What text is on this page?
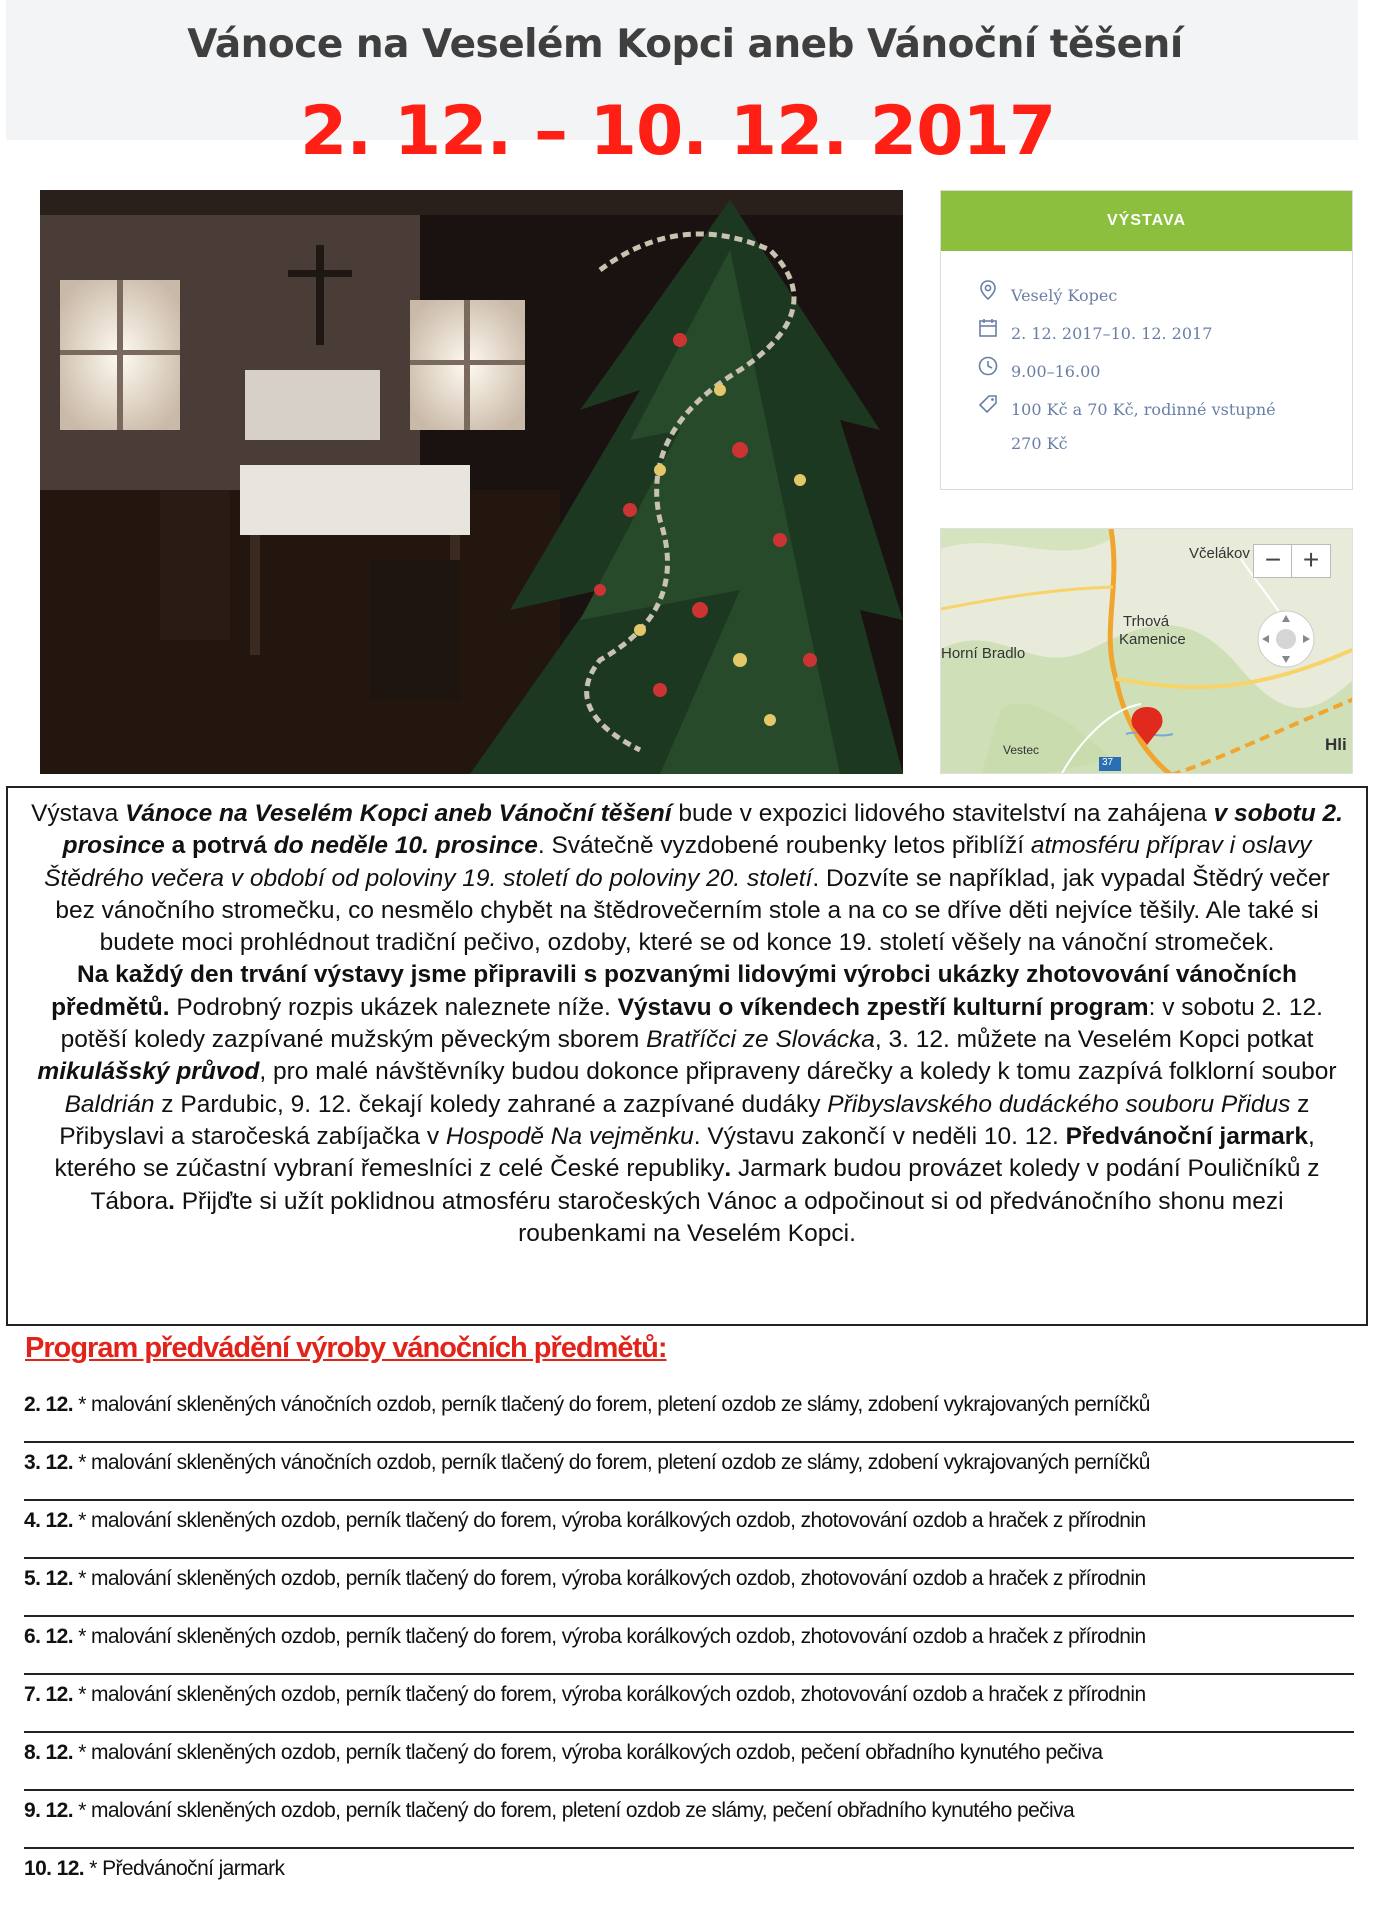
Vánoce na Veselém Kopci aneb Vánoční těšení
2. 12. – 10. 12. 2017
VÝSTAVA
Veselý Kopec
2. 12. 2017–10. 12. 2017
9.00–16.00
100 Kč a 70 Kč, rodinné vstupné
270 Kč
Včelákov
Trhová
Kamenice
Horní Bradlo
Vestec	Hli
37
− +

Výstava Vánoce na Veselém Kopci aneb Vánoční těšení bude v expozici lidového stavitelství na zahájena v sobotu 2. prosince a potrvá do neděle 10. prosince. Svátečně vyzdobené roubenky letos přiblíží atmosféru příprav i oslavy Štědrého večera v období od poloviny 19. století do poloviny 20. století. Dozvíte se například, jak vypadal Štědrý večer bez vánočního stromečku, co nesmělo chybět na štědrovečerním stole a na co se dříve děti nejvíce těšily. Ale také si budete moci prohlédnout tradiční pečivo, ozdoby, které se od konce 19. století věšely na vánoční stromeček.

Na každý den trvání výstavy jsme připravili s pozvanými lidovými výrobci ukázky zhotovování vánočních předmětů. Podrobný rozpis ukázek naleznete níže. Výstavu o víkendech zpestří kulturní program: v sobotu 2. 12. potěší koledy zazpívané mužským pěveckým sborem Bratříčci ze Slovácka, 3. 12. můžete na Veselém Kopci potkat mikulášský průvod, pro malé návštěvníky budou dokonce připraveny dárečky a koledy k tomu zazpívá folklorní soubor Baldrián z Pardubic, 9. 12. čekají koledy zahrané a zazpívané dudáky Přibyslavského dudáckého souboru Přidus z Přibyslavi a staročeská zabíjačka v Hospodě Na vejměnku. Výstavu zakončí v neděli 10. 12. Předvánoční jarmark, kterého se zúčastní vybraní řemeslníci z celé České republiky. Jarmark budou provázet koledy v podání Pouličníků z Tábora. Přijďte si užít poklidnou atmosféru staročeských Vánoc a odpočinout si od předvánočního shonu mezi roubenkami na Veselém Kopci.

Program předvádění výroby vánočních předmětů:
2. 12. * malování skleněných vánočních ozdob, perník tlačený do forem, pletení ozdob ze slámy, zdobení vykrajovaných perníčků
3. 12. * malování skleněných vánočních ozdob, perník tlačený do forem, pletení ozdob ze slámy, zdobení vykrajovaných perníčků
4. 12. * malování skleněných ozdob, perník tlačený do forem, výroba korálkových ozdob, zhotovování ozdob a hraček z přírodnin
5. 12. * malování skleněných ozdob, perník tlačený do forem, výroba korálkových ozdob, zhotovování ozdob a hraček z přírodnin
6. 12. * malování skleněných ozdob, perník tlačený do forem, výroba korálkových ozdob, zhotovování ozdob a hraček z přírodnin
7. 12. * malování skleněných ozdob, perník tlačený do forem, výroba korálkových ozdob, zhotovování ozdob a hraček z přírodnin
8. 12. * malování skleněných ozdob, perník tlačený do forem, výroba korálkových ozdob, pečení obřadního kynutého pečiva
9. 12. * malování skleněných ozdob, perník tlačený do forem, pletení ozdob ze slámy, pečení obřadního kynutého pečiva
10. 12. * Předvánoční jarmark
